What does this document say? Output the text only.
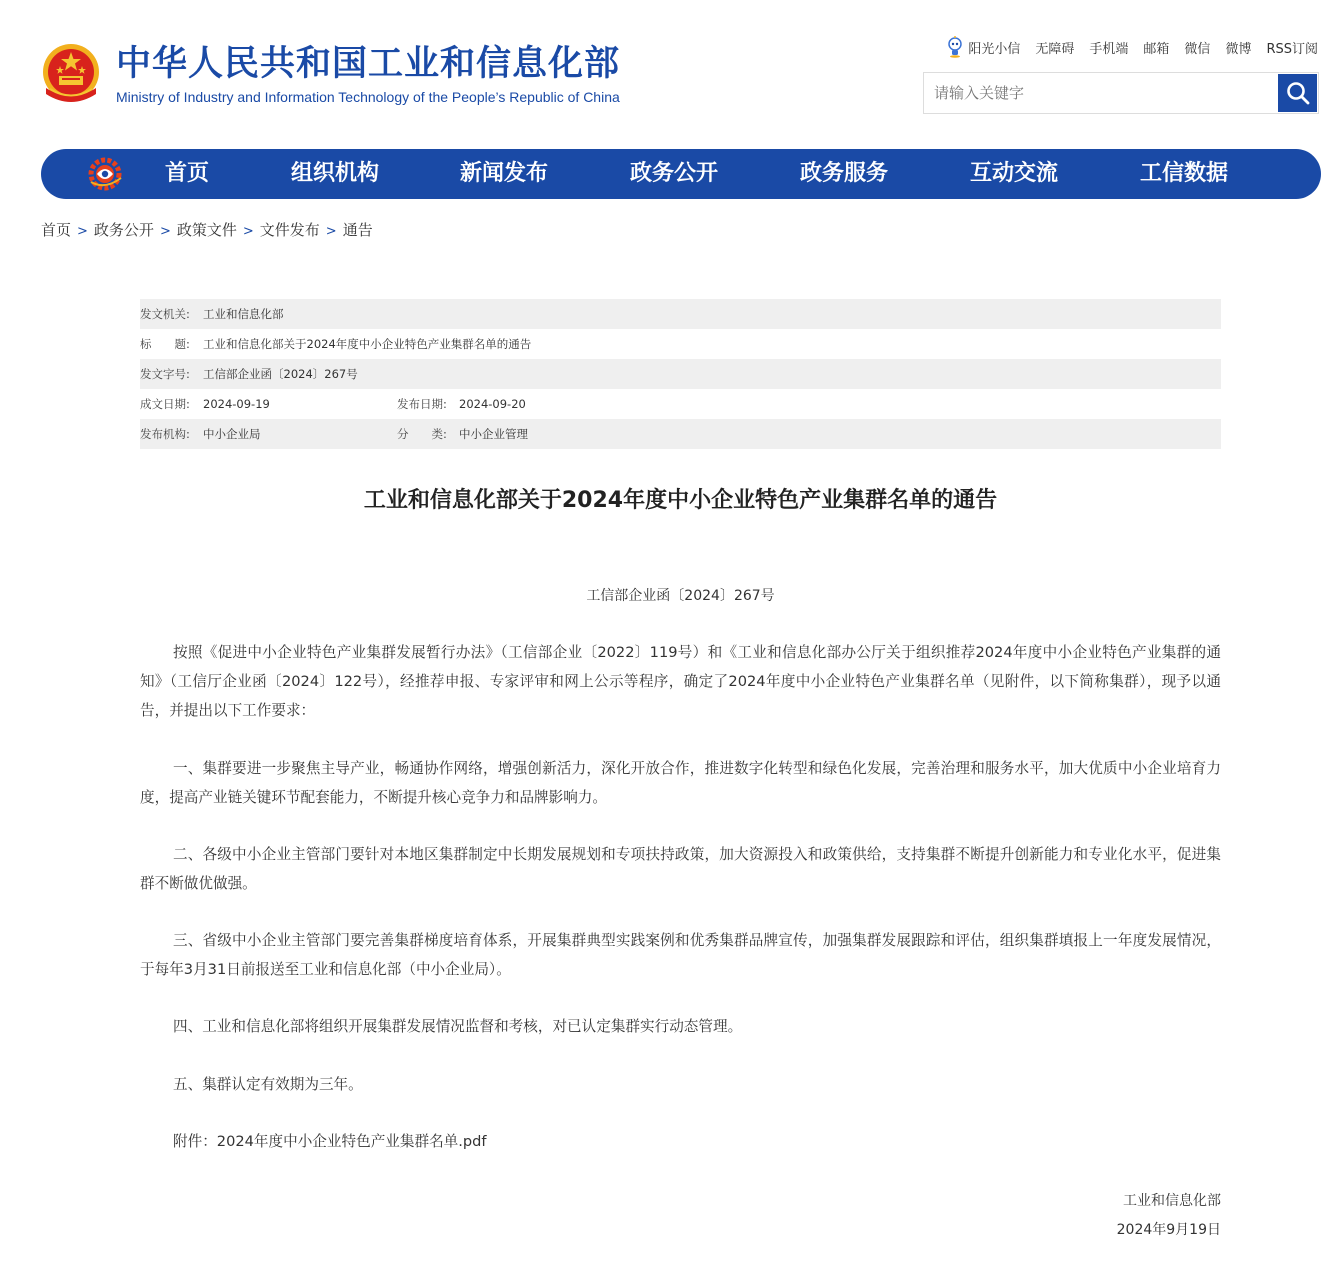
中华人民共和国工业和信息化部
Ministry of Industry and Information Technology of the People’s Republic of China
阳光小信 无障碍 手机端 邮箱 微信 微博 RSS订阅
请输入关键字
首页	组织机构	新闻发布	政务公开	政务服务	互动交流	工信数据
首页 > 政务公开 > 政策文件 > 文件发布 > 通告
发文机关: 工业和信息化部
标　　题: 工业和信息化部关于2024年度中小企业特色产业集群名单的通告
发文字号: 工信部企业函〔2024〕267号
成文日期: 2024-09-19	发布日期: 2024-09-20
发布机构: 中小企业局	分　　类: 中小企业管理
工业和信息化部关于2024年度中小企业特色产业集群名单的通告
工信部企业函〔2024〕267号
按照《促进中小企业特色产业集群发展暂行办法》（工信部企业〔2022〕119号）和《工业和信息化部办公厅关于组织推荐2024年度中小企业特色产业集群的通知》（工信厅企业函〔2024〕122号），经推荐申报、专家评审和网上公示等程序，确定了2024年度中小企业特色产业集群名单（见附件，以下简称集群），现予以通告，并提出以下工作要求：
一、集群要进一步聚焦主导产业，畅通协作网络，增强创新活力，深化开放合作，推进数字化转型和绿色化发展，完善治理和服务水平，加大优质中小企业培育力度，提高产业链关键环节配套能力，不断提升核心竞争力和品牌影响力。
二、各级中小企业主管部门要针对本地区集群制定中长期发展规划和专项扶持政策，加大资源投入和政策供给，支持集群不断提升创新能力和专业化水平，促进集群不断做优做强。
三、省级中小企业主管部门要完善集群梯度培育体系，开展集群典型实践案例和优秀集群品牌宣传，加强集群发展跟踪和评估，组织集群填报上一年度发展情况，于每年3月31日前报送至工业和信息化部（中小企业局）。
四、工业和信息化部将组织开展集群发展情况监督和考核，对已认定集群实行动态管理。
五、集群认定有效期为三年。
附件：2024年度中小企业特色产业集群名单.pdf
工业和信息化部
2024年9月19日
